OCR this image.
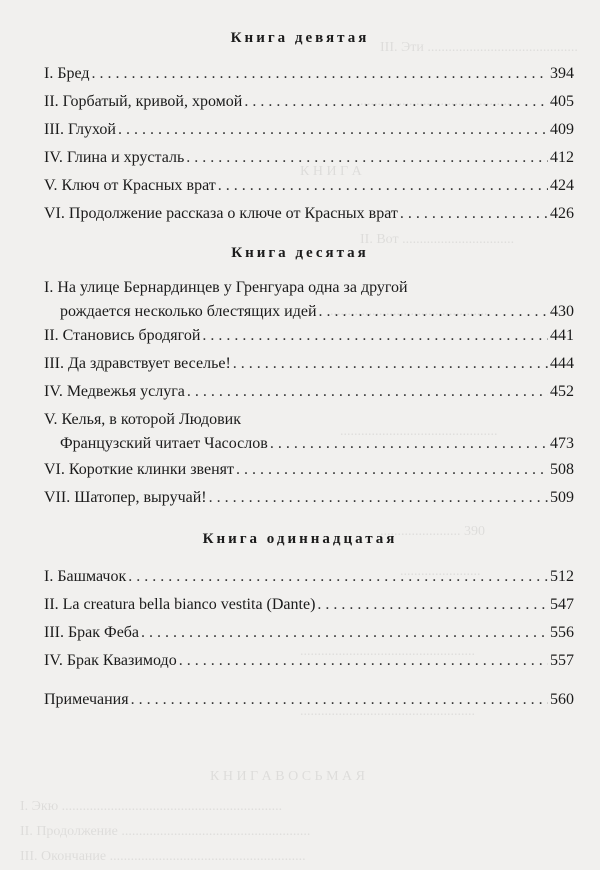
III. Эти ...........................................
...........................................
К Н И Г А
II. Вот ................................
.............................................
.............................................
....................... 390
.......................
..................................................
..................................................
К Н И Г А В О С Ь М А Я
I. Экю ...............................................................
II. Продолжение ......................................................
III. Окончание ........................................................
Книга девятая
I. Бред . . .	394
II. Горбатый, кривой, хромой . . .	405
III. Глухой . . .	409
IV. Глина и хрусталь . . .	412
V. Ключ от Красных врат . . .	424
VI. Продолжение рассказа о ключе от Красных врат . . .	426
Книга десятая
I. На улице Бернардинцев у Гренгуара одна за другой
рождается несколько блестящих идей . . .	430
II. Становись бродягой . . .	441
III. Да здравствует веселье! . . .	444
IV. Медвежья услуга . . .	452
V. Келья, в которой Людовик
Французский читает Часослов . . .	473
VI. Короткие клинки звенят . . .	508
VII. Шатопер, выручай! . . .	509
Книга одиннадцатая
I. Башмачок . . .	512
II. La creatura bella bianco vestita (Dante) . . .	547
III. Брак Феба . . .	556
IV. Брак Квазимодо . . .	557
Примечания . . .	560
